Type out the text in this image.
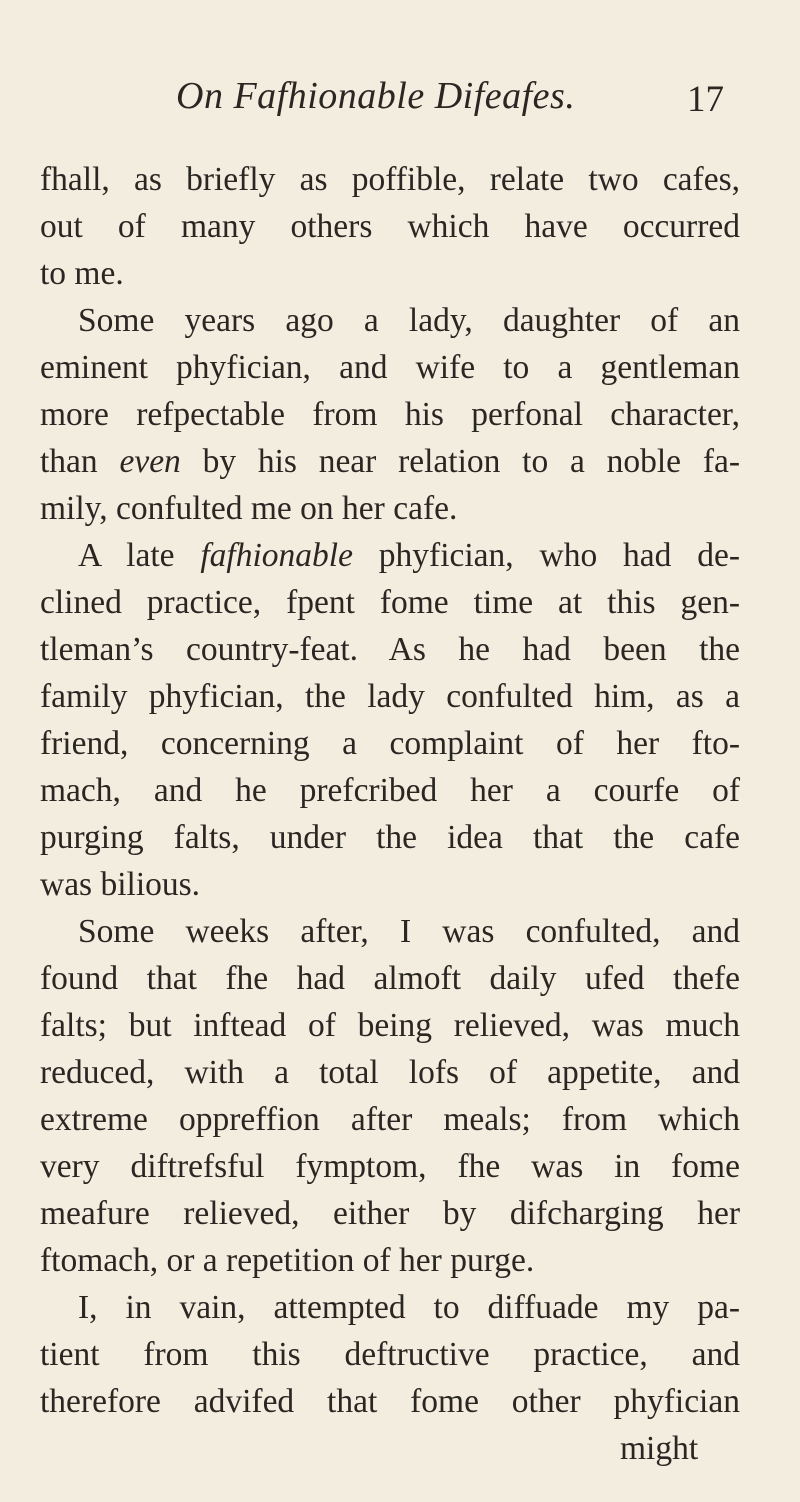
On Fafhionable Difeafes.	17
fhall, as briefly as poffible, relate two cafes,
out of many others which have occurred
to me.
Some years ago a lady, daughter of an
eminent phyfician, and wife to a gentleman
more refpectable from his perfonal character,
than even by his near relation to a noble fa-
mily, confulted me on her cafe.
A late fafhionable phyfician, who had de-
clined practice, fpent fome time at this gen-
tleman’s country-feat. As he had been the
family phyfician, the lady confulted him, as a
friend, concerning a complaint of her fto-
mach, and he prefcribed her a courfe of
purging falts, under the idea that the cafe
was bilious.
Some weeks after, I was confulted, and
found that fhe had almoft daily ufed thefe
falts; but inftead of being relieved, was much
reduced, with a total lofs of appetite, and
extreme oppreffion after meals; from which
very diftrefsful fymptom, fhe was in fome
meafure relieved, either by difcharging her
ftomach, or a repetition of her purge.
I, in vain, attempted to diffuade my pa-
tient from this deftructive practice, and
therefore advifed that fome other phyfician
might
